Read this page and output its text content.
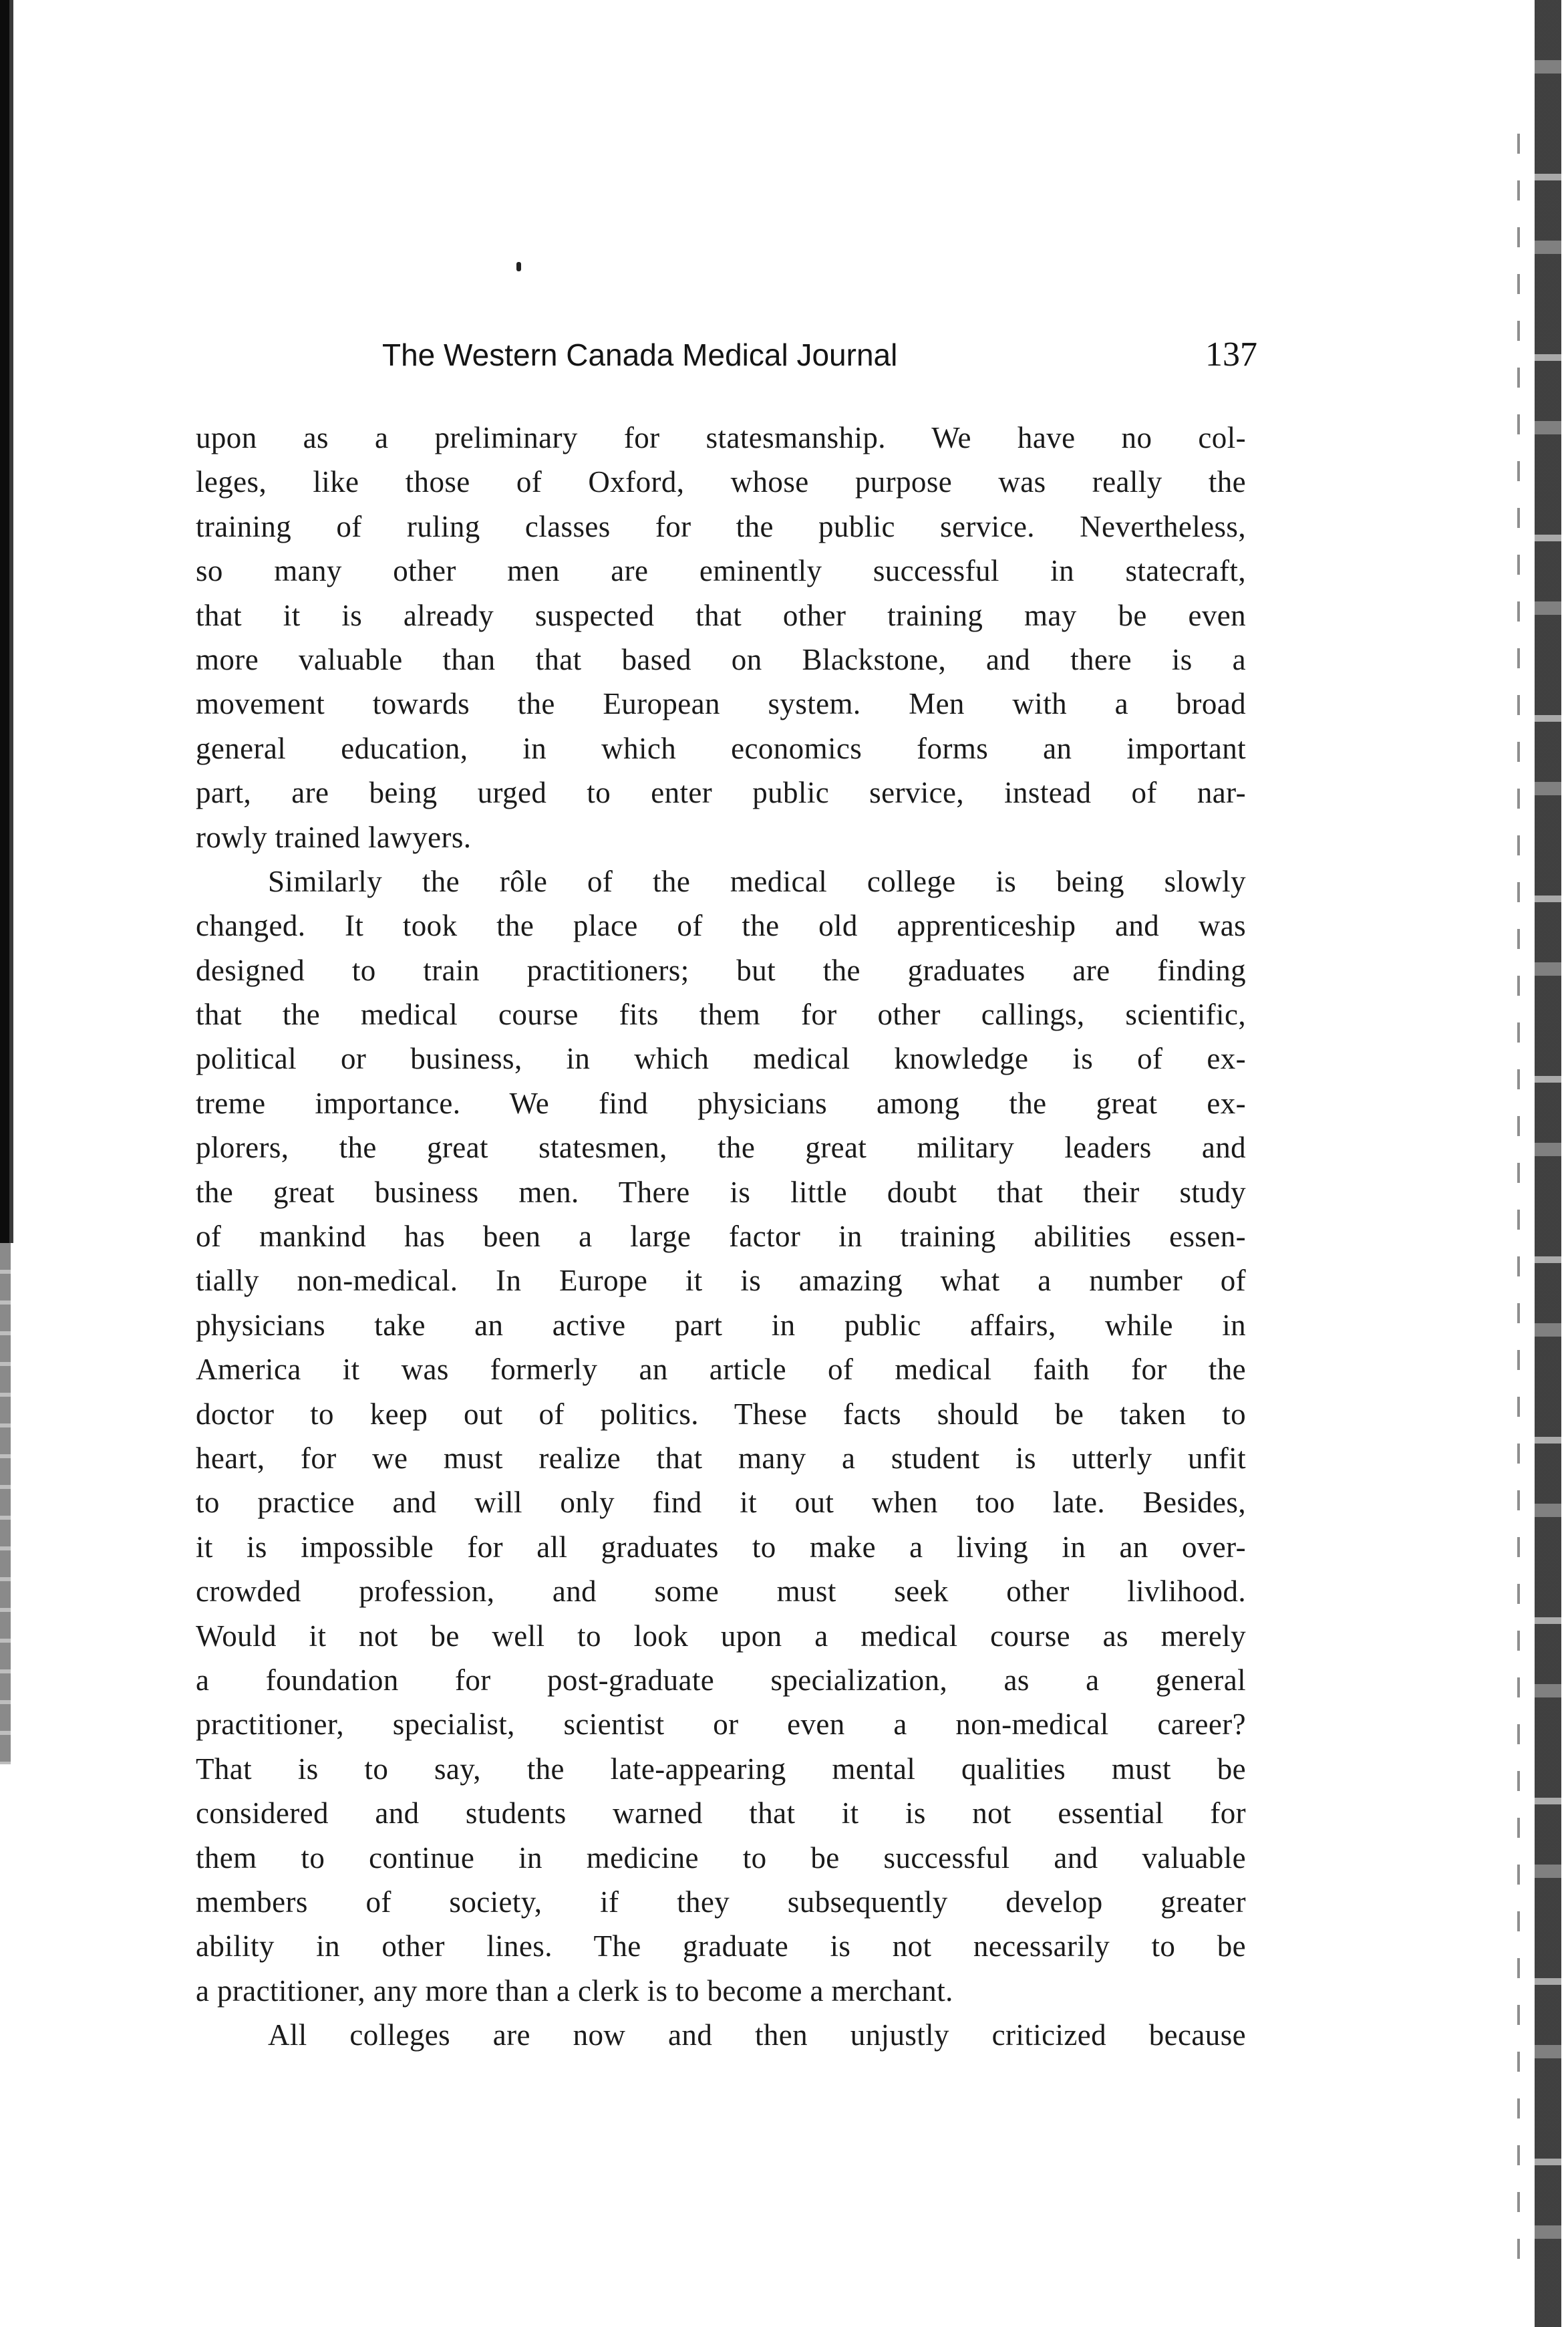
The Western Canada Medical Journal	137
upon as a preliminary for statesmanship. We have no col-
leges, like those of Oxford, whose purpose was really the
training of ruling classes for the public service. Nevertheless,
so many other men are eminently successful in statecraft,
that it is already suspected that other training may be even
more valuable than that based on Blackstone, and there is a
movement towards the European system. Men with a broad
general education, in which economics forms an important
part, are being urged to enter public service, instead of nar-
rowly trained lawyers.
Similarly the rôle of the medical college is being slowly
changed. It took the place of the old apprenticeship and was
designed to train practitioners; but the graduates are finding
that the medical course fits them for other callings, scientific,
political or business, in which medical knowledge is of ex-
treme importance. We find physicians among the great ex-
plorers, the great statesmen, the great military leaders and
the great business men. There is little doubt that their study
of mankind has been a large factor in training abilities essen-
tially non-medical. In Europe it is amazing what a number of
physicians take an active part in public affairs, while in
America it was formerly an article of medical faith for the
doctor to keep out of politics. These facts should be taken to
heart, for we must realize that many a student is utterly unfit
to practice and will only find it out when too late. Besides,
it is impossible for all graduates to make a living in an over-
crowded profession, and some must seek other livlihood.
Would it not be well to look upon a medical course as merely
a foundation for post-graduate specialization, as a general
practitioner, specialist, scientist or even a non-medical career?
That is to say, the late-appearing mental qualities must be
considered and students warned that it is not essential for
them to continue in medicine to be successful and valuable
members of society, if they subsequently develop greater
ability in other lines. The graduate is not necessarily to be
a practitioner, any more than a clerk is to become a merchant.
All colleges are now and then unjustly criticized because
